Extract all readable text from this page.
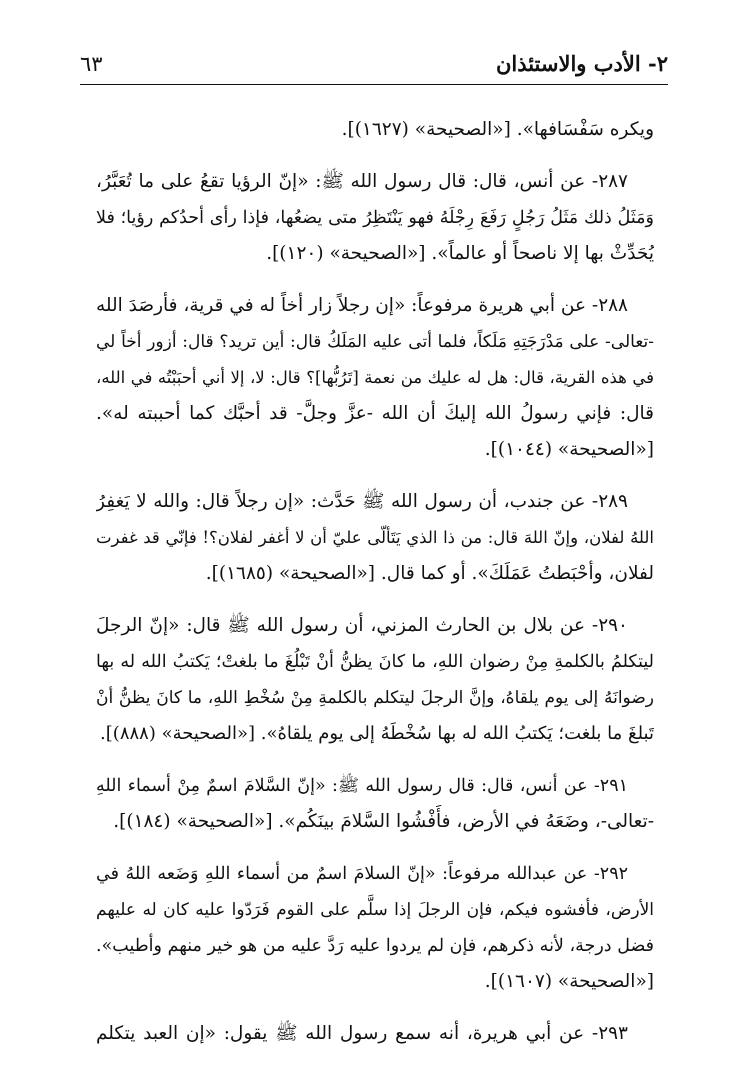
٢- الأدب والاستئذان
٦٣
ويكره سَفْسَافها». [«الصحيحة» (١٦٢٧)].
٢٨٧- عن أنس، قال: قال رسول الله ﷺ: «إنّ الرؤيا تقعُ على ما تُعَبَّرُ،
وَمَثَلُ ذلك مَثَلُ رَجُلٍ رَفَعَ رِجْلَهُ فهو يَنْتَظِرُ متى يضعُها، فإذا رأى أحدُكم رؤيا؛ فلا
يُحَدِّثْ بها إلا ناصحاً أو عالماً». [«الصحيحة» (١٢٠)].
٢٨٨- عن أبي هريرة مرفوعاً: «إن رجلاً زار أخاً له في قرية، فأرصَدَ الله
-تعالى- على مَدْرَجَتِهِ مَلَكاً، فلما أتى عليه المَلَكُ قال: أين تريد؟ قال: أزور أخاً لي
في هذه القرية، قال: هل له عليك من نعمة [تَرُبُّها]؟ قال: لا، إلا أني أحبَبْتُه في الله،
قال: فإني رسولُ الله إليكَ أن الله -عزَّ وجلَّ- قد أحبَّك كما أحببته له».
[«الصحيحة» (١٠٤٤)].
٢٨٩- عن جندب، أن رسول الله ﷺ حَدَّث: «إن رجلاً قال: والله لا يَغفِرُ
اللهُ لفلان، وإنّ اللهَ قال: من ذا الذي يَتَألّى عليّ أن لا أغفر لفلان؟! فإنّي قد غفرت
لفلان، وأحْبَطتُ عَمَلَكَ». أو كما قال. [«الصحيحة» (١٦٨٥)].
٢٩٠- عن بلال بن الحارث المزني، أن رسول الله ﷺ قال: «إنّ الرجلَ
ليتكلمُ بالكلمةِ مِنْ رضوان اللهِ، ما كانَ يظنُّ أنْ تَبْلُغَ ما بلغتْ؛ يَكتبُ الله له بها
رضوانَهُ إلى يوم يلقاهُ، وإنَّ الرجلَ ليتكلم بالكلمةِ مِنْ سُخْطِ اللهِ، ما كانَ يظنُّ أنْ
تَبلغَ ما بلغت؛ يَكتبُ الله له بها سُخْطَهُ إلى يوم يلقاهُ». [«الصحيحة» (٨٨٨)].
٢٩١- عن أنس، قال: قال رسول الله ﷺ: «إنّ السَّلامَ اسمٌ مِنْ أسماء اللهِ
-تعالى-، وضَعَهُ في الأرض، فأَفْشُوا السَّلامَ بينَكُم». [«الصحيحة» (١٨٤)].
٢٩٢- عن عبدالله مرفوعاً: «إنّ السلامَ اسمٌ من أسماء اللهِ وَضَعه اللهُ في
الأرض، فأفشوه فيكم، فإن الرجلَ إذا سلَّم على القوم فَرَدّوا عليه كان له عليهم
فضل درجة، لأنه ذكرهم، فإن لم يردوا عليه رَدَّ عليه من هو خير منهم وأطيب».
[«الصحيحة» (١٦٠٧)].
٢٩٣- عن أبي هريرة، أنه سمع رسول الله ﷺ يقول: «إن العبد يتكلم
